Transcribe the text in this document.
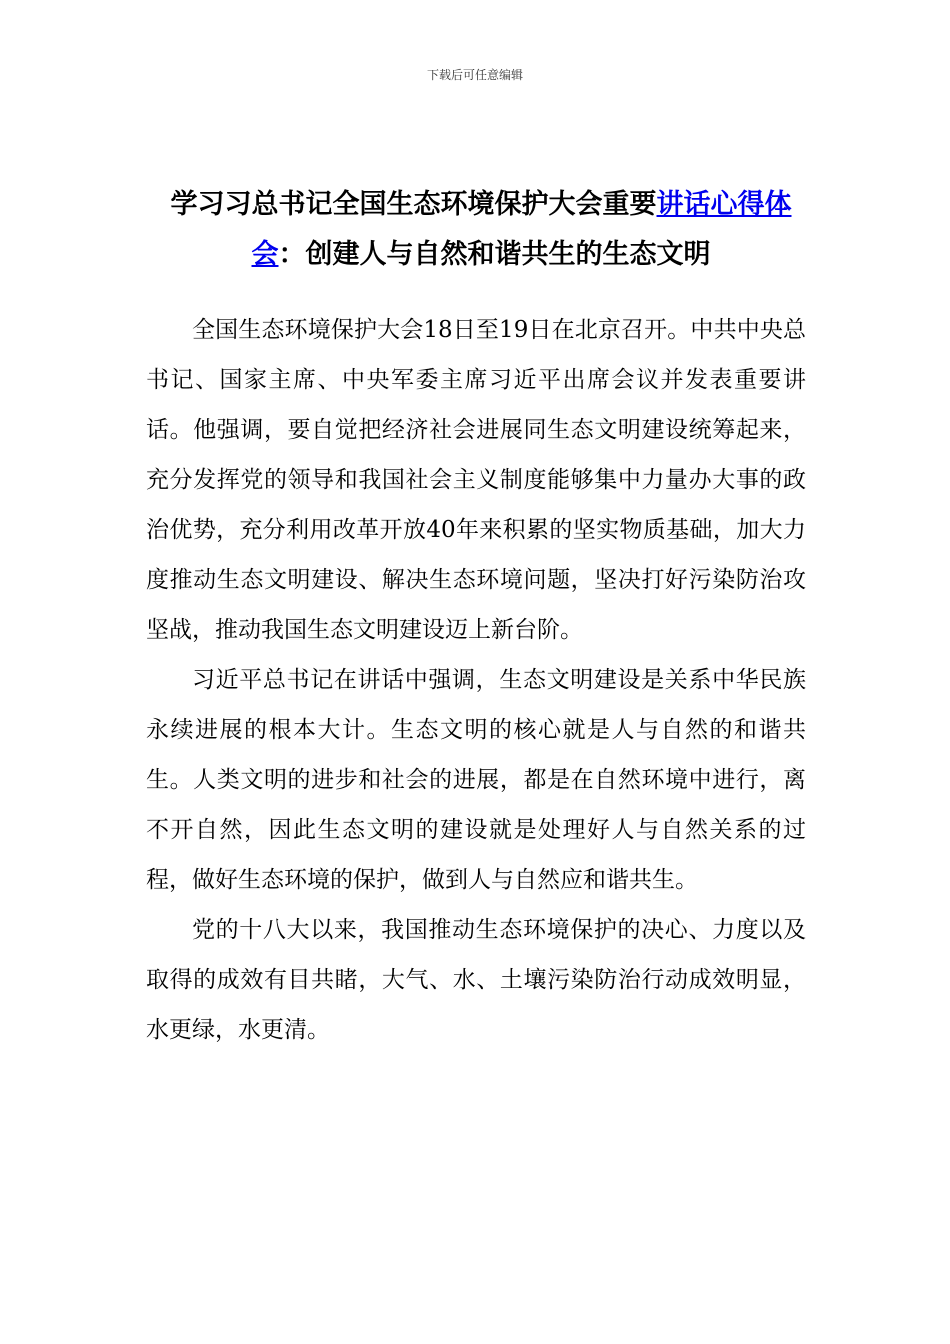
下载后可任意编辑
学习习总书记全国生态环境保护大会重要讲话心得体会：创建人与自然和谐共生的生态文明

全国生态环境保护大会18日至19日在北京召开。中共中央总书记、国家主席、中央军委主席习近平出席会议并发表重要讲话。他强调，要自觉把经济社会进展同生态文明建设统筹起来，充分发挥党的领导和我国社会主义制度能够集中力量办大事的政治优势，充分利用改革开放40年来积累的坚实物质基础，加大力度推动生态文明建设、解决生态环境问题，坚决打好污染防治攻坚战，推动我国生态文明建设迈上新台阶。

习近平总书记在讲话中强调，生态文明建设是关系中华民族永续进展的根本大计。生态文明的核心就是人与自然的和谐共生。人类文明的进步和社会的进展，都是在自然环境中进行，离不开自然，因此生态文明的建设就是处理好人与自然关系的过程，做好生态环境的保护，做到人与自然应和谐共生。

党的十八大以来，我国推动生态环境保护的决心、力度以及取得的成效有目共睹，大气、水、土壤污染防治行动成效明显，水更绿，水更清。
